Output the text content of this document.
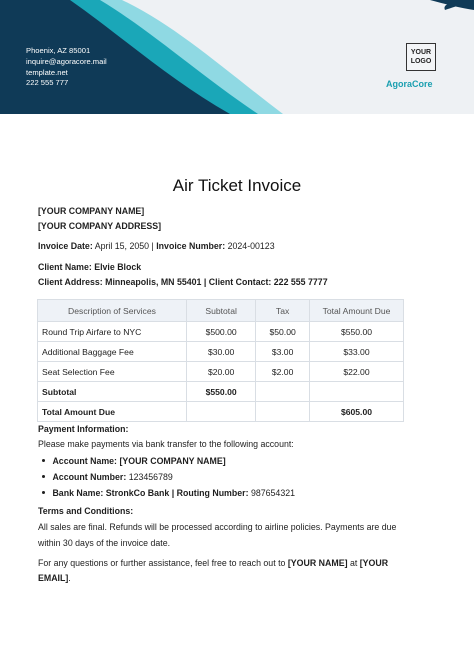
Phoenix, AZ 85001
inquire@agoracore.mail
template.net
222 555 777
YOUR
LOGO
AgoraCore
Air Ticket Invoice
[YOUR COMPANY NAME]
[YOUR COMPANY ADDRESS]
Invoice Date: April 15, 2050 | Invoice Number: 2024-00123
Client Name: Elvie Block
Client Address: Minneapolis, MN 55401 | Client Contact: 222 555 7777
Description of Services	Subtotal	Tax	Total Amount Due
Round Trip Airfare to NYC	$500.00	$50.00	$550.00
Additional Baggage Fee	$30.00	$3.00	$33.00
Seat Selection Fee	$20.00	$2.00	$22.00
Subtotal	$550.00		
Total Amount Due			$605.00
Payment Information:
Please make payments via bank transfer to the following account:
Account Name: [YOUR COMPANY NAME]
Account Number: 123456789
Bank Name: StronkCo Bank | Routing Number: 987654321
Terms and Conditions:
All sales are final. Refunds will be processed according to airline policies. Payments are due
within 30 days of the invoice date.
For any questions or further assistance, feel free to reach out to [YOUR NAME] at [YOUR
EMAIL].
